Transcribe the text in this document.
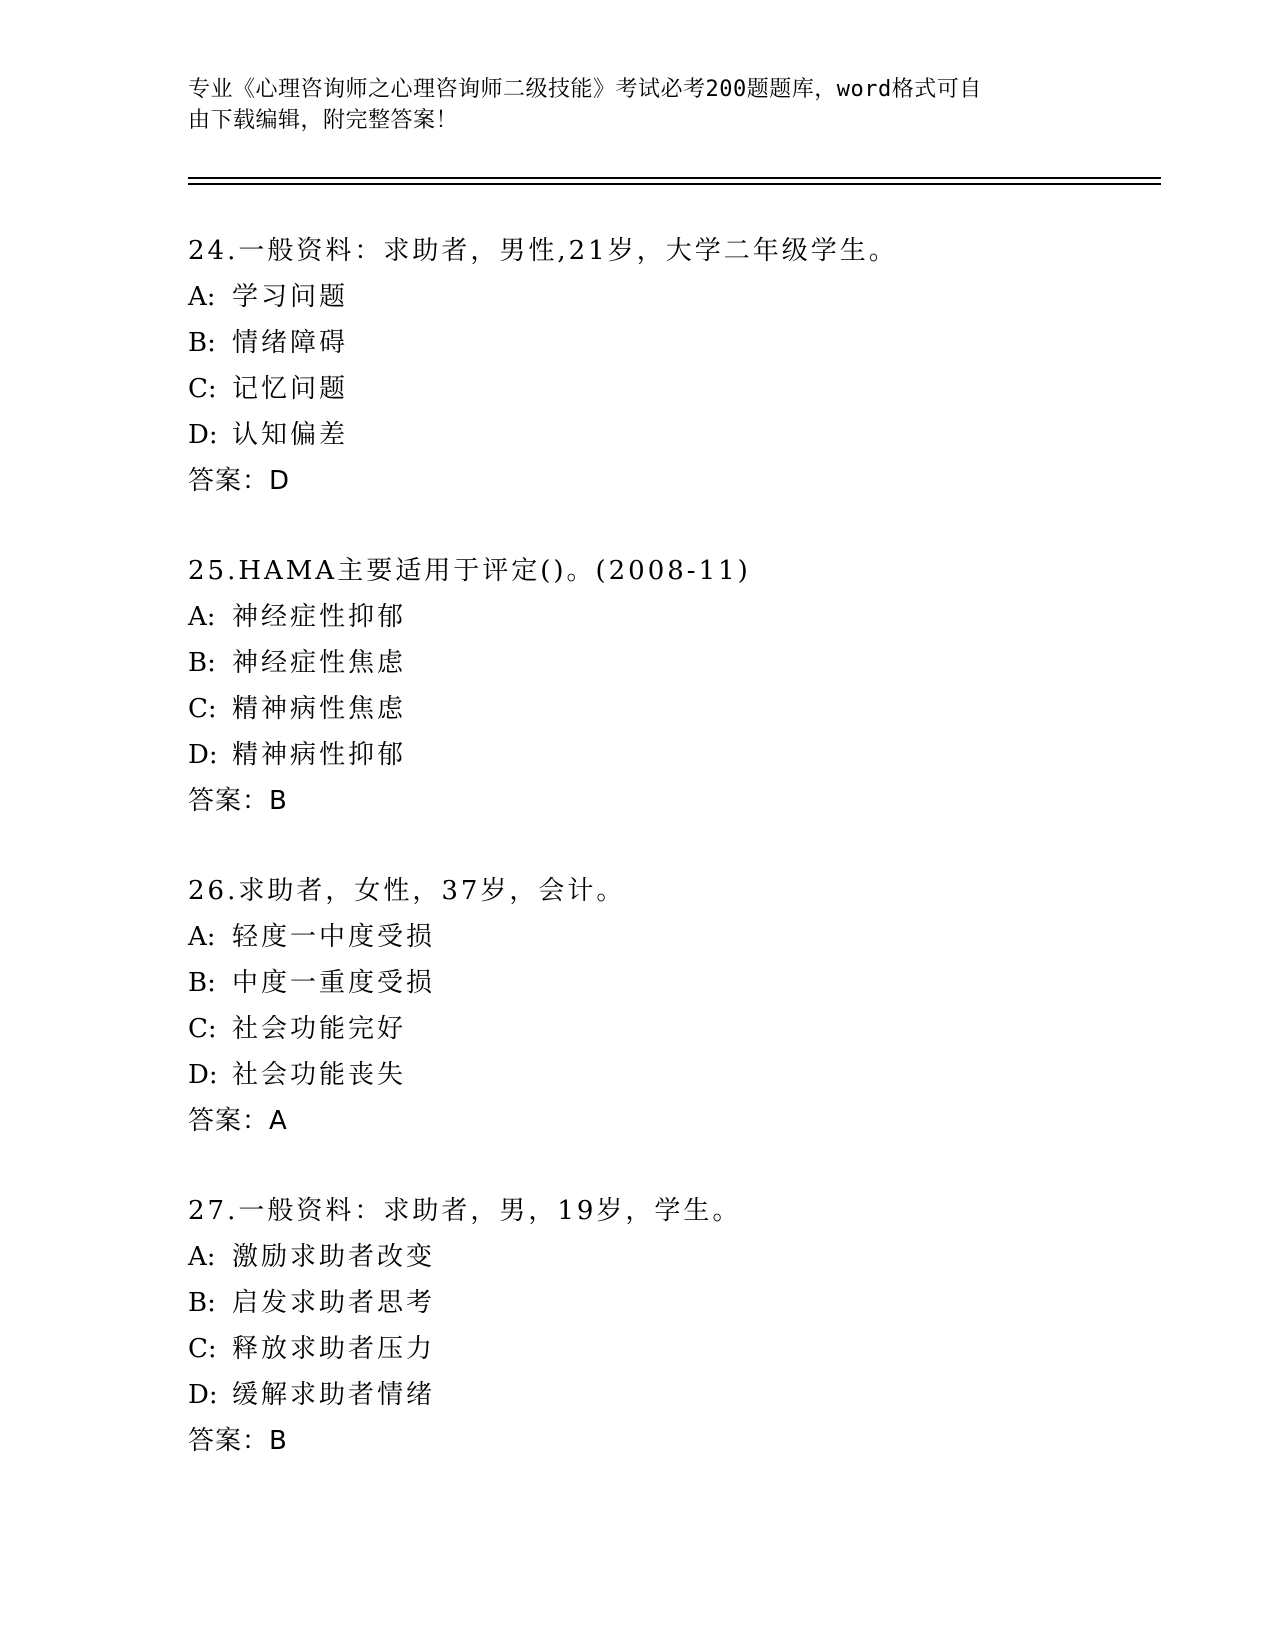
专业《心理咨询师之心理咨询师二级技能》考试必考200题题库，word格式可自
由下载编辑，附完整答案！
24.一般资料：求助者，男性,21岁，大学二年级学生。
A: 学习问题
B: 情绪障碍
C: 记忆问题
D: 认知偏差
答案：D
25.HAMA主要适用于评定()。(2008-11)
A: 神经症性抑郁
B: 神经症性焦虑
C: 精神病性焦虑
D: 精神病性抑郁
答案：B
26.求助者，女性，37岁，会计。
A: 轻度一中度受损
B: 中度一重度受损
C: 社会功能完好
D: 社会功能丧失
答案：A
27.一般资料：求助者，男，19岁，学生。
A: 激励求助者改变
B: 启发求助者思考
C: 释放求助者压力
D: 缓解求助者情绪
答案：B
